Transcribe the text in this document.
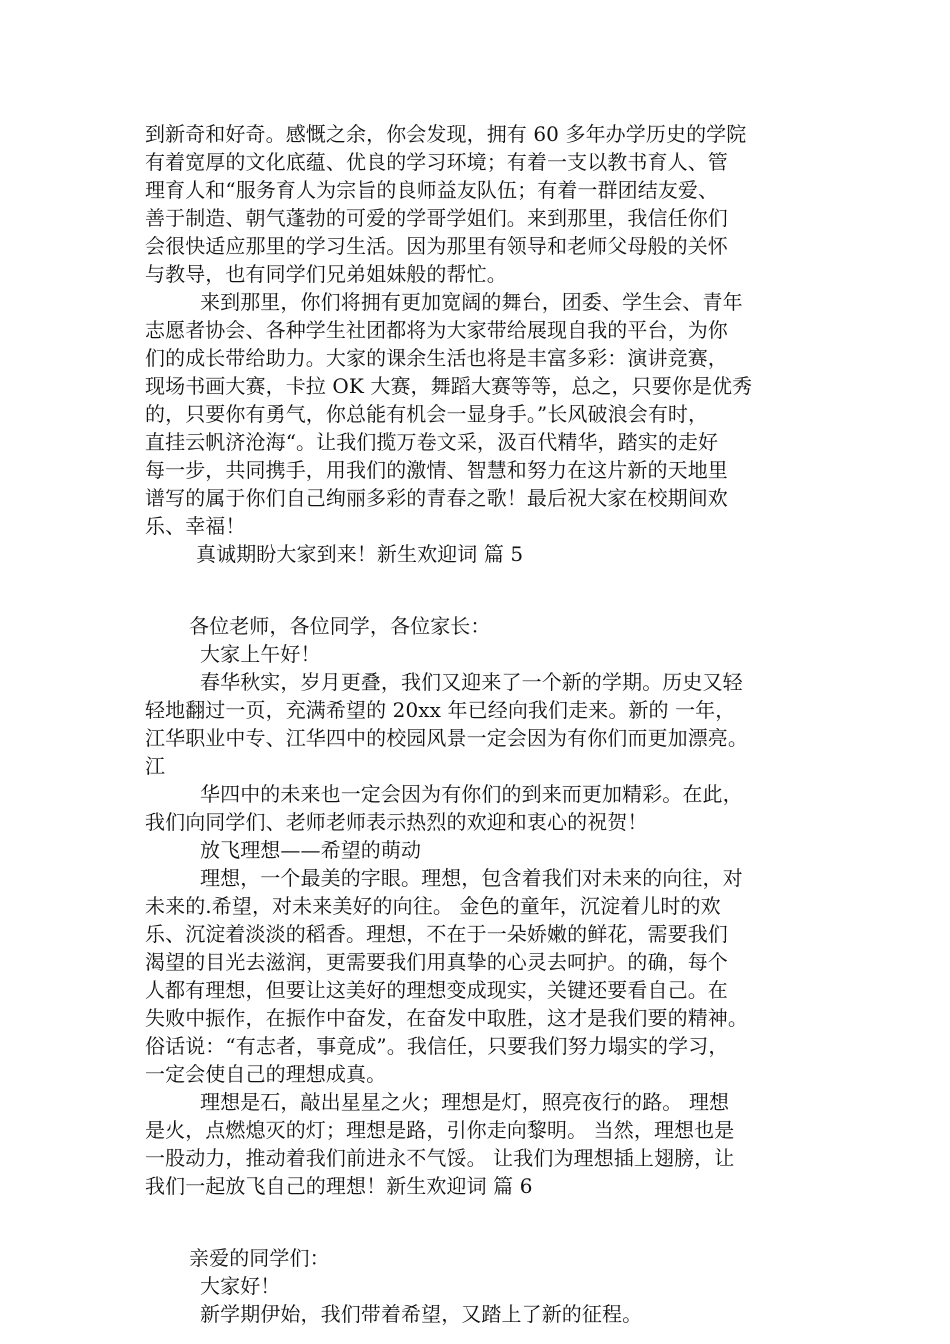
到新奇和好奇。感慨之余，你会发现，拥有 60 多年办学历史的学院
有着宽厚的文化底蕴、优良的学习环境；有着一支以教书育人、管
理育人和“服务育人为宗旨的良师益友队伍；有着一群团结友爱、
善于制造、朝气蓬勃的可爱的学哥学姐们。来到那里，我信任你们
会很快适应那里的学习生活。因为那里有领导和老师父母般的关怀
与教导，也有同学们兄弟姐妹般的帮忙。
来到那里，你们将拥有更加宽阔的舞台，团委、学生会、青年
志愿者协会、各种学生社团都将为大家带给展现自我的平台，为你
们的成长带给助力。大家的课余生活也将是丰富多彩：演讲竞赛，
现场书画大赛，卡拉 OK 大赛，舞蹈大赛等等，总之，只要你是优秀
的，只要你有勇气，你总能有机会一显身手。”长风破浪会有时，
直挂云帆济沧海“。让我们揽万卷文采，汲百代精华，踏实的走好
每一步，共同携手，用我们的激情、智慧和努力在这片新的天地里
谱写的属于你们自己绚丽多彩的青春之歌！最后祝大家在校期间欢
乐、幸福！
真诚期盼大家到来！新生欢迎词 篇 5
各位老师，各位同学，各位家长：
大家上午好！
春华秋实，岁月更叠，我们又迎来了一个新的学期。历史又轻
轻地翻过一页，充满希望的 20xx 年已经向我们走来。新的 一年，
江华职业中专、江华四中的校园风景一定会因为有你们而更加漂亮。
江
华四中的未来也一定会因为有你们的到来而更加精彩。在此，
我们向同学们、老师老师表示热烈的欢迎和衷心的祝贺！
放飞理想——希望的萌动
理想，一个最美的字眼。理想，包含着我们对未来的向往，对
未来的.希望，对未来美好的向往。 金色的童年，沉淀着儿时的欢
乐、沉淀着淡淡的稻香。理想，不在于一朵娇嫩的鲜花，需要我们
渴望的目光去滋润，更需要我们用真挚的心灵去呵护。的确，每个
人都有理想，但要让这美好的理想变成现实，关键还要看自己。在
失败中振作，在振作中奋发，在奋发中取胜，这才是我们要的精神。
俗话说：“有志者，事竟成”。我信任，只要我们努力塌实的学习，
一定会使自己的理想成真。
理想是石，敲出星星之火；理想是灯，照亮夜行的路。 理想
是火，点燃熄灭的灯；理想是路，引你走向黎明。 当然，理想也是
一股动力，推动着我们前进永不气馁。 让我们为理想插上翅膀，让
我们一起放飞自己的理想！新生欢迎词 篇 6
亲爱的同学们：
大家好！
新学期伊始，我们带着希望，又踏上了新的征程。
